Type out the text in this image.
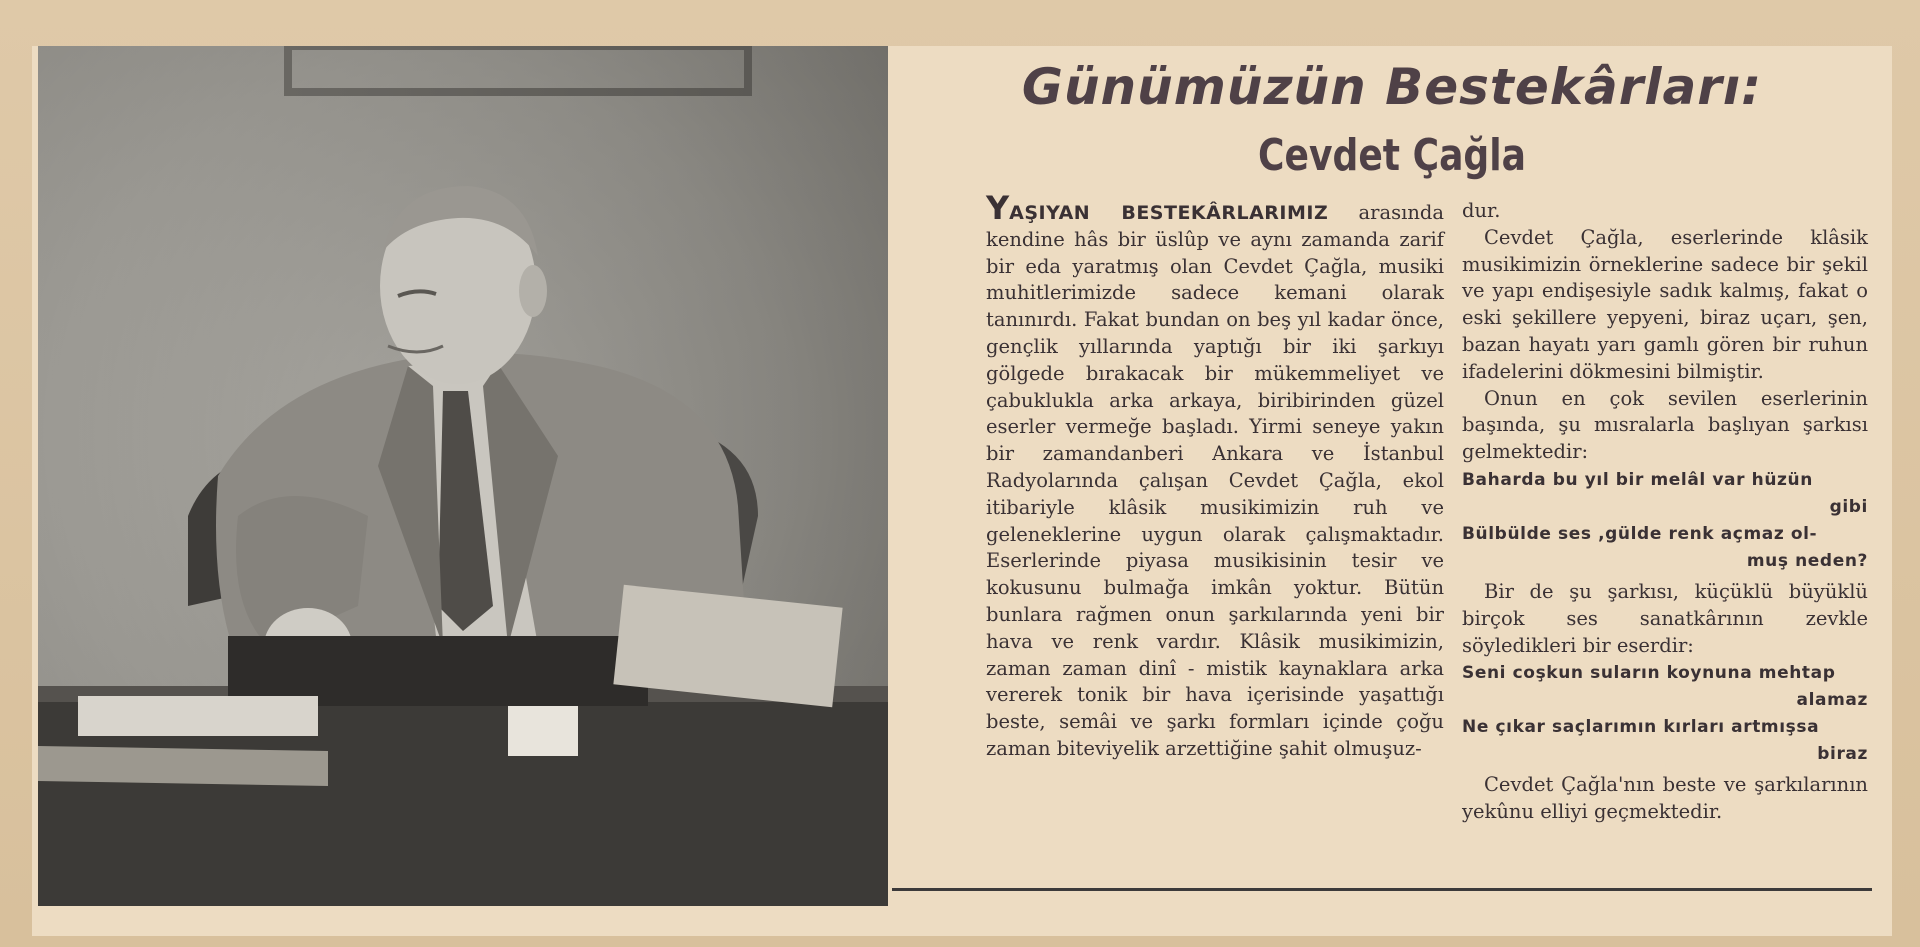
Günümüzün Bestekârları:
Cevdet Çağla

YAŞIYAN BESTEKÂRLARIMIZ arasında kendine hâs bir üslûp ve aynı zamanda zarif bir eda yaratmış olan Cevdet Çağla, musiki muhitlerimizde sadece kemani olarak tanınırdı. Fakat bundan on beş yıl kadar önce, gençlik yıllarında yaptığı bir iki şarkıyı gölgede bırakacak bir mükemmeliyet ve çabuklukla arka arkaya, biribirinden güzel eserler vermeğe başladı. Yirmi seneye yakın bir zamandanberi Ankara ve İstanbul Radyolarında çalışan Cevdet Çağla, ekol itibariyle klâsik musikimizin ruh ve geleneklerine uygun olarak çalışmaktadır. Eserlerinde piyasa musikisinin tesir ve kokusunu bulmağa imkân yoktur. Bütün bunlara rağmen onun şarkılarında yeni bir hava ve renk vardır. Klâsik musikimizin, zaman zaman dinî - mistik kaynaklara arka vererek tonik bir hava içerisinde yaşattığı beste, semâi ve şarkı formları içinde çoğu zaman biteviyelik arzettiğine şahit olmuşuz-

dur.

Cevdet Çağla, eserlerinde klâsik musikimizin örneklerine sadece bir şekil ve yapı endişesiyle sadık kalmış, fakat o eski şekillere yepyeni, biraz uçarı, şen, bazan hayatı yarı gamlı gören bir ruhun ifadelerini dökmesini bilmiştir.

Onun en çok sevilen eserlerinin başında, şu mısralarla başlıyan şarkısı gelmektedir:

Baharda bu yıl bir melâl var hüzün
gibi
Bülbülde ses ,gülde renk açmaz ol-
muş neden?

Bir de şu şarkısı, küçüklü büyüklü birçok ses sanatkârının zevkle söyledikleri bir eserdir:

Seni coşkun suların koynuna mehtap
alamaz
Ne çıkar saçlarımın kırları artmışsa
biraz

Cevdet Çağla'nın beste ve şarkılarının yekûnu elliyi geçmektedir.
